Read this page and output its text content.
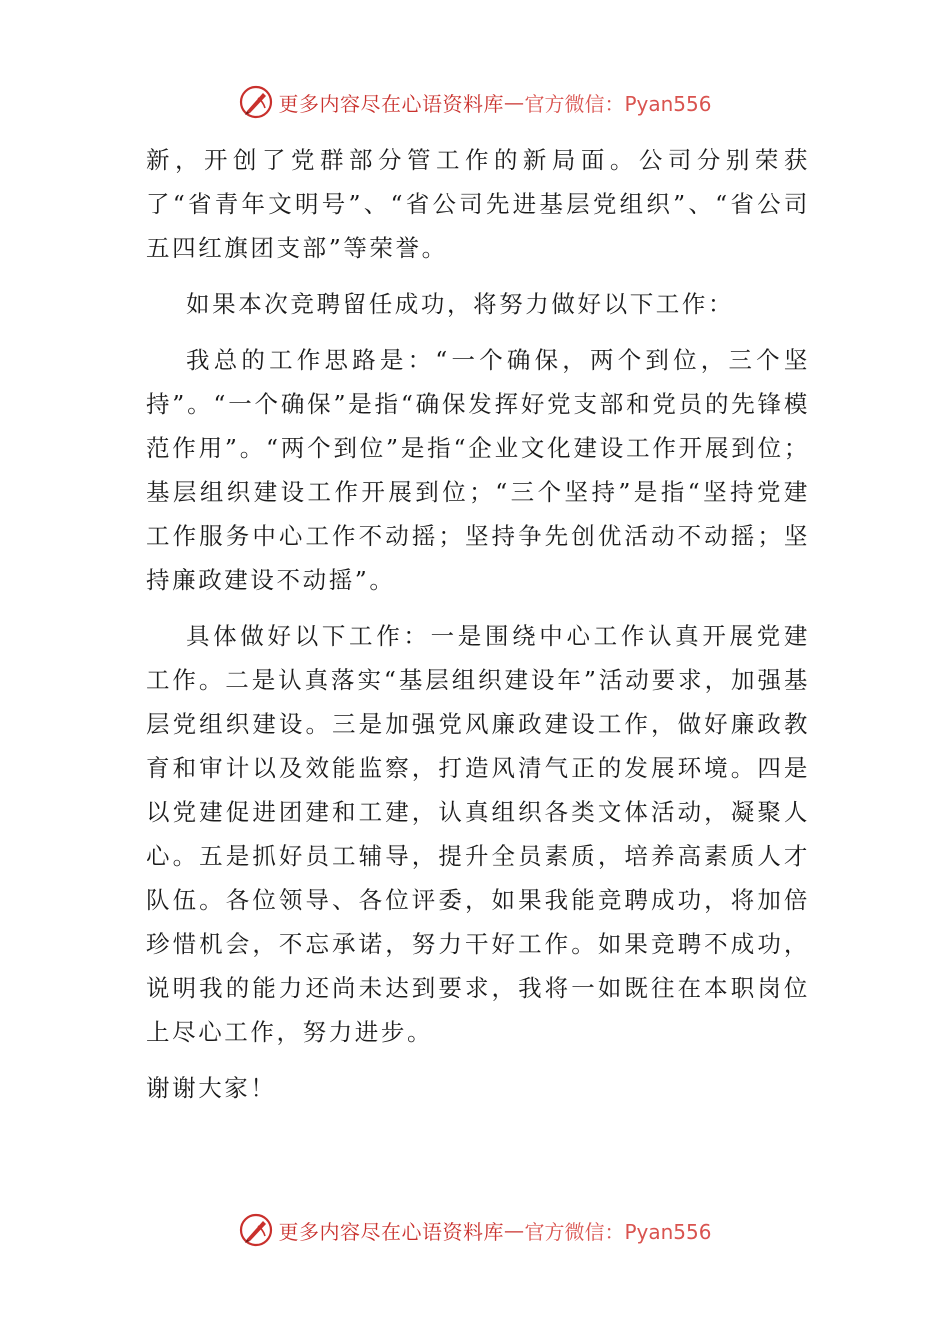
更多内容尽在心语资料库 — 官方微信：Pyan556

新，开创了党群部分管工作的新局面。公司分别荣获了“省青年文明号”、“省公司先进基层党组织”、“省公司五四红旗团支部”等荣誉。

如果本次竞聘留任成功，将努力做好以下工作：

我总的工作思路是：“一个确保，两个到位，三个坚持”。“一个确保”是指“确保发挥好党支部和党员的先锋模范作用”。“两个到位”是指“企业文化建设工作开展到位；基层组织建设工作开展到位；“三个坚持”是指“坚持党建工作服务中心工作不动摇；坚持争先创优活动不动摇；坚持廉政建设不动摇”。

具体做好以下工作：一是围绕中心工作认真开展党建工作。二是认真落实“基层组织建设年”活动要求，加强基层党组织建设。三是加强党风廉政建设工作，做好廉政教育和审计以及效能监察，打造风清气正的发展环境。四是以党建促进团建和工建，认真组织各类文体活动，凝聚人心。五是抓好员工辅导，提升全员素质，培养高素质人才队伍。各位领导、各位评委，如果我能竞聘成功，将加倍珍惜机会，不忘承诺，努力干好工作。如果竞聘不成功，说明我的能力还尚未达到要求，我将一如既往在本职岗位上尽心工作，努力进步。

谢谢大家！

更多内容尽在心语资料库 — 官方微信：Pyan556
